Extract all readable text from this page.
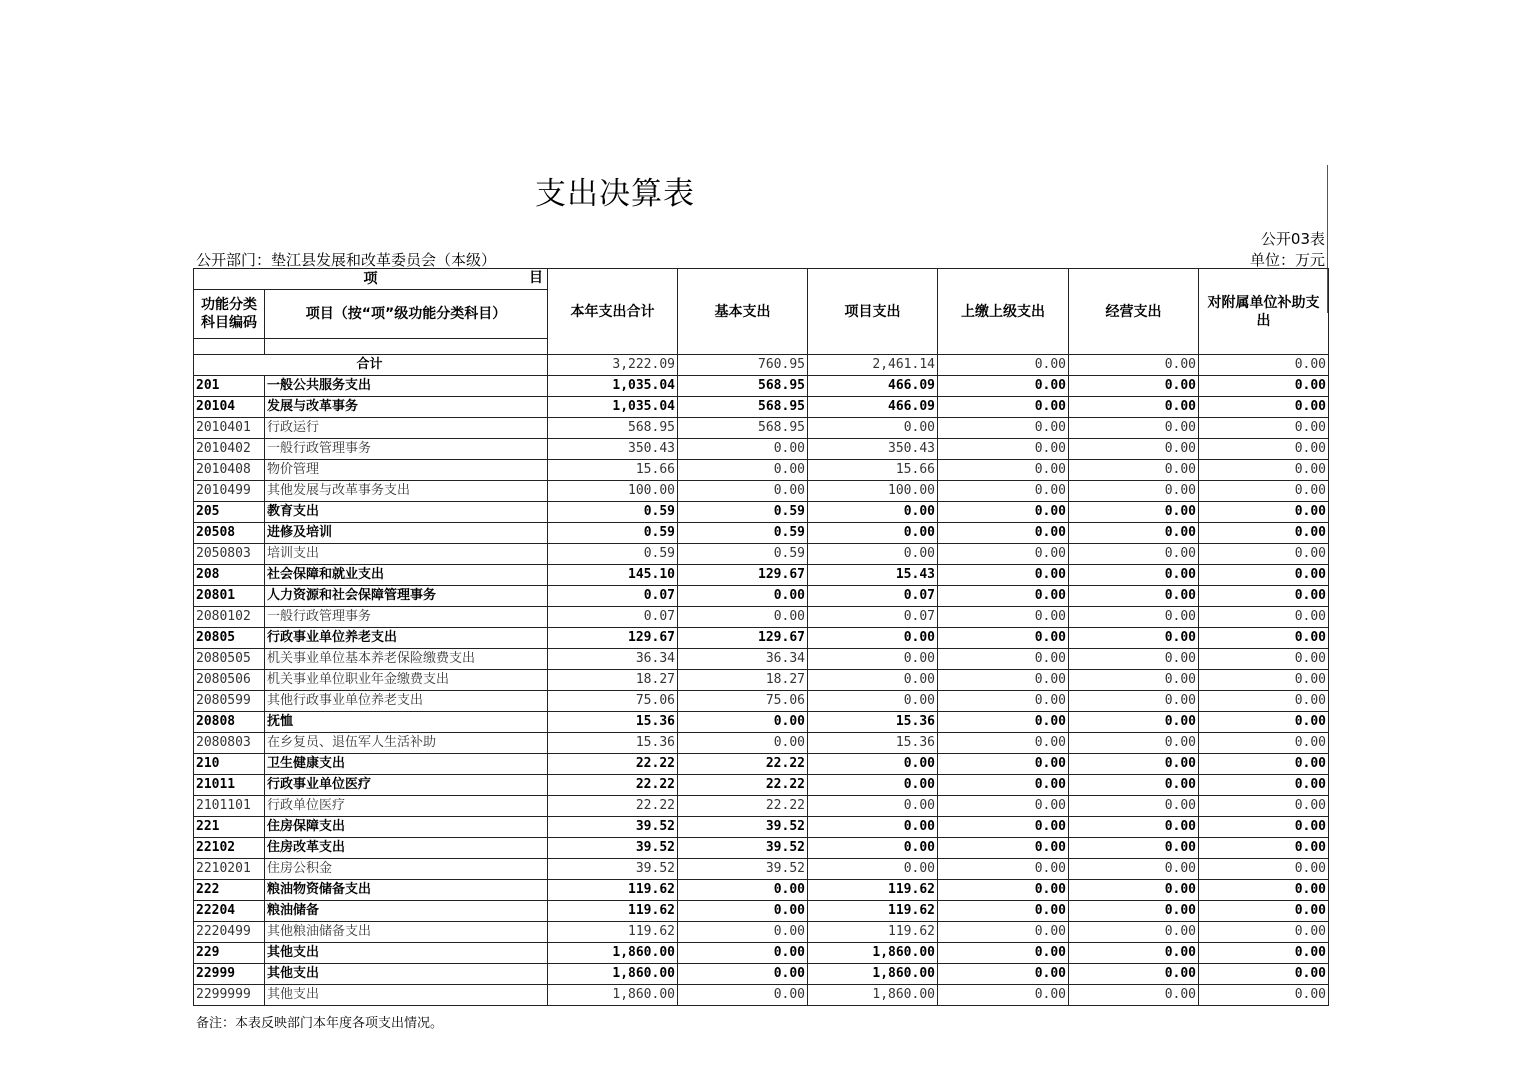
支出决算表
公开03表
公开部门：垫江县发展和改革委员会（本级）	单位：万元
项 目		本年支出合计	基本支出	项目支出	上缴上级支出	经营支出	对附属单位补助支出
功能分类科目编码	项目（按“项”级功能分类科目）						

合计		3,222.09	760.95	2,461.14	0.00	0.00	0.00
201	一般公共服务支出	1,035.04	568.95	466.09	0.00	0.00	0.00
20104	发展与改革事务	1,035.04	568.95	466.09	0.00	0.00	0.00
2010401	行政运行	568.95	568.95	0.00	0.00	0.00	0.00
2010402	一般行政管理事务	350.43	0.00	350.43	0.00	0.00	0.00
2010408	物价管理	15.66	0.00	15.66	0.00	0.00	0.00
2010499	其他发展与改革事务支出	100.00	0.00	100.00	0.00	0.00	0.00
205	教育支出	0.59	0.59	0.00	0.00	0.00	0.00
20508	进修及培训	0.59	0.59	0.00	0.00	0.00	0.00
2050803	培训支出	0.59	0.59	0.00	0.00	0.00	0.00
208	社会保障和就业支出	145.10	129.67	15.43	0.00	0.00	0.00
20801	人力资源和社会保障管理事务	0.07	0.00	0.07	0.00	0.00	0.00
2080102	一般行政管理事务	0.07	0.00	0.07	0.00	0.00	0.00
20805	行政事业单位养老支出	129.67	129.67	0.00	0.00	0.00	0.00
2080505	机关事业单位基本养老保险缴费支出	36.34	36.34	0.00	0.00	0.00	0.00
2080506	机关事业单位职业年金缴费支出	18.27	18.27	0.00	0.00	0.00	0.00
2080599	其他行政事业单位养老支出	75.06	75.06	0.00	0.00	0.00	0.00
20808	抚恤	15.36	0.00	15.36	0.00	0.00	0.00
2080803	在乡复员、退伍军人生活补助	15.36	0.00	15.36	0.00	0.00	0.00
210	卫生健康支出	22.22	22.22	0.00	0.00	0.00	0.00
21011	行政事业单位医疗	22.22	22.22	0.00	0.00	0.00	0.00
2101101	行政单位医疗	22.22	22.22	0.00	0.00	0.00	0.00
221	住房保障支出	39.52	39.52	0.00	0.00	0.00	0.00
22102	住房改革支出	39.52	39.52	0.00	0.00	0.00	0.00
2210201	住房公积金	39.52	39.52	0.00	0.00	0.00	0.00
222	粮油物资储备支出	119.62	0.00	119.62	0.00	0.00	0.00
22204	粮油储备	119.62	0.00	119.62	0.00	0.00	0.00
2220499	其他粮油储备支出	119.62	0.00	119.62	0.00	0.00	0.00
229	其他支出	1,860.00	0.00	1,860.00	0.00	0.00	0.00
22999	其他支出	1,860.00	0.00	1,860.00	0.00	0.00	0.00
2299999	其他支出	1,860.00	0.00	1,860.00	0.00	0.00	0.00
备注：本表反映部门本年度各项支出情况。
